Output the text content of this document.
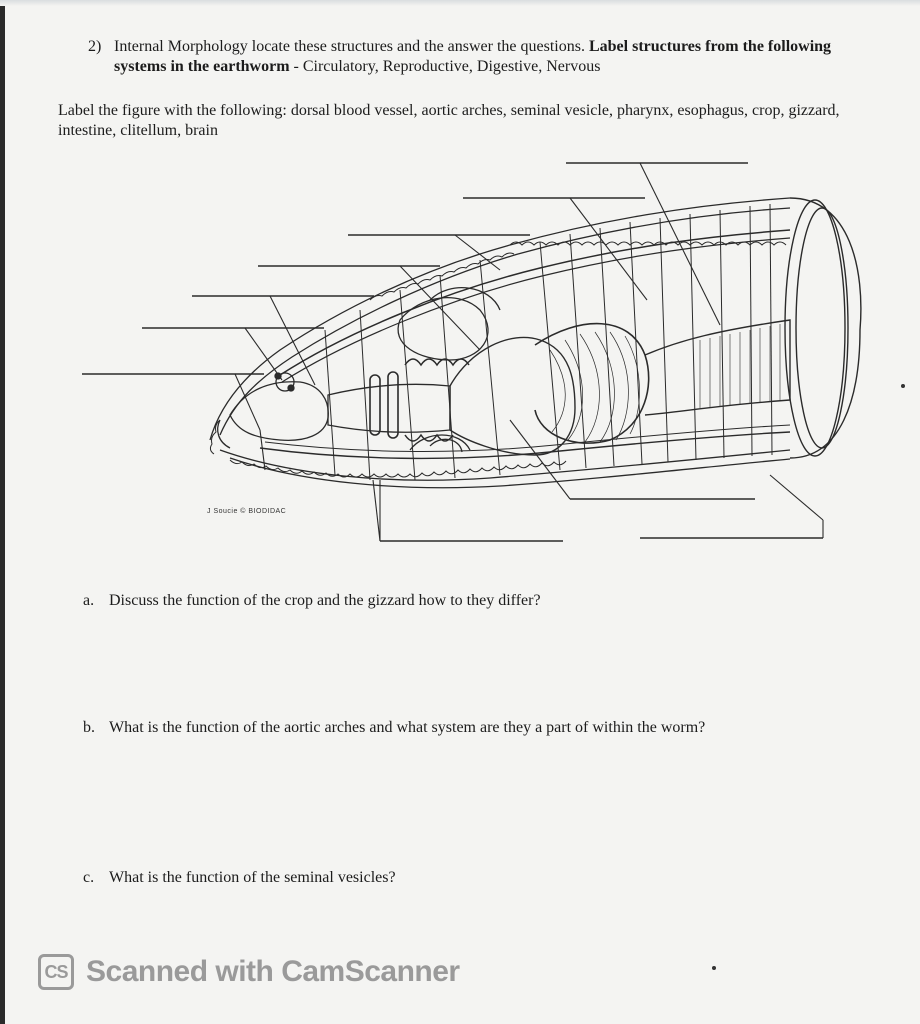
2) Internal Morphology locate these structures and the answer the questions. Label structures from the following systems in the earthworm - Circulatory, Reproductive, Digestive, Nervous
Label the figure with the following: dorsal blood vessel, aortic arches, seminal vesicle, pharynx, esophagus, crop, gizzard, intestine, clitellum, brain
J Soucie © BIODIDAC
a. Discuss the function of the crop and the gizzard how to they differ?
b. What is the function of the aortic arches and what system are they a part of within the worm?
c. What is the function of the seminal vesicles?
CS Scanned with CamScanner
